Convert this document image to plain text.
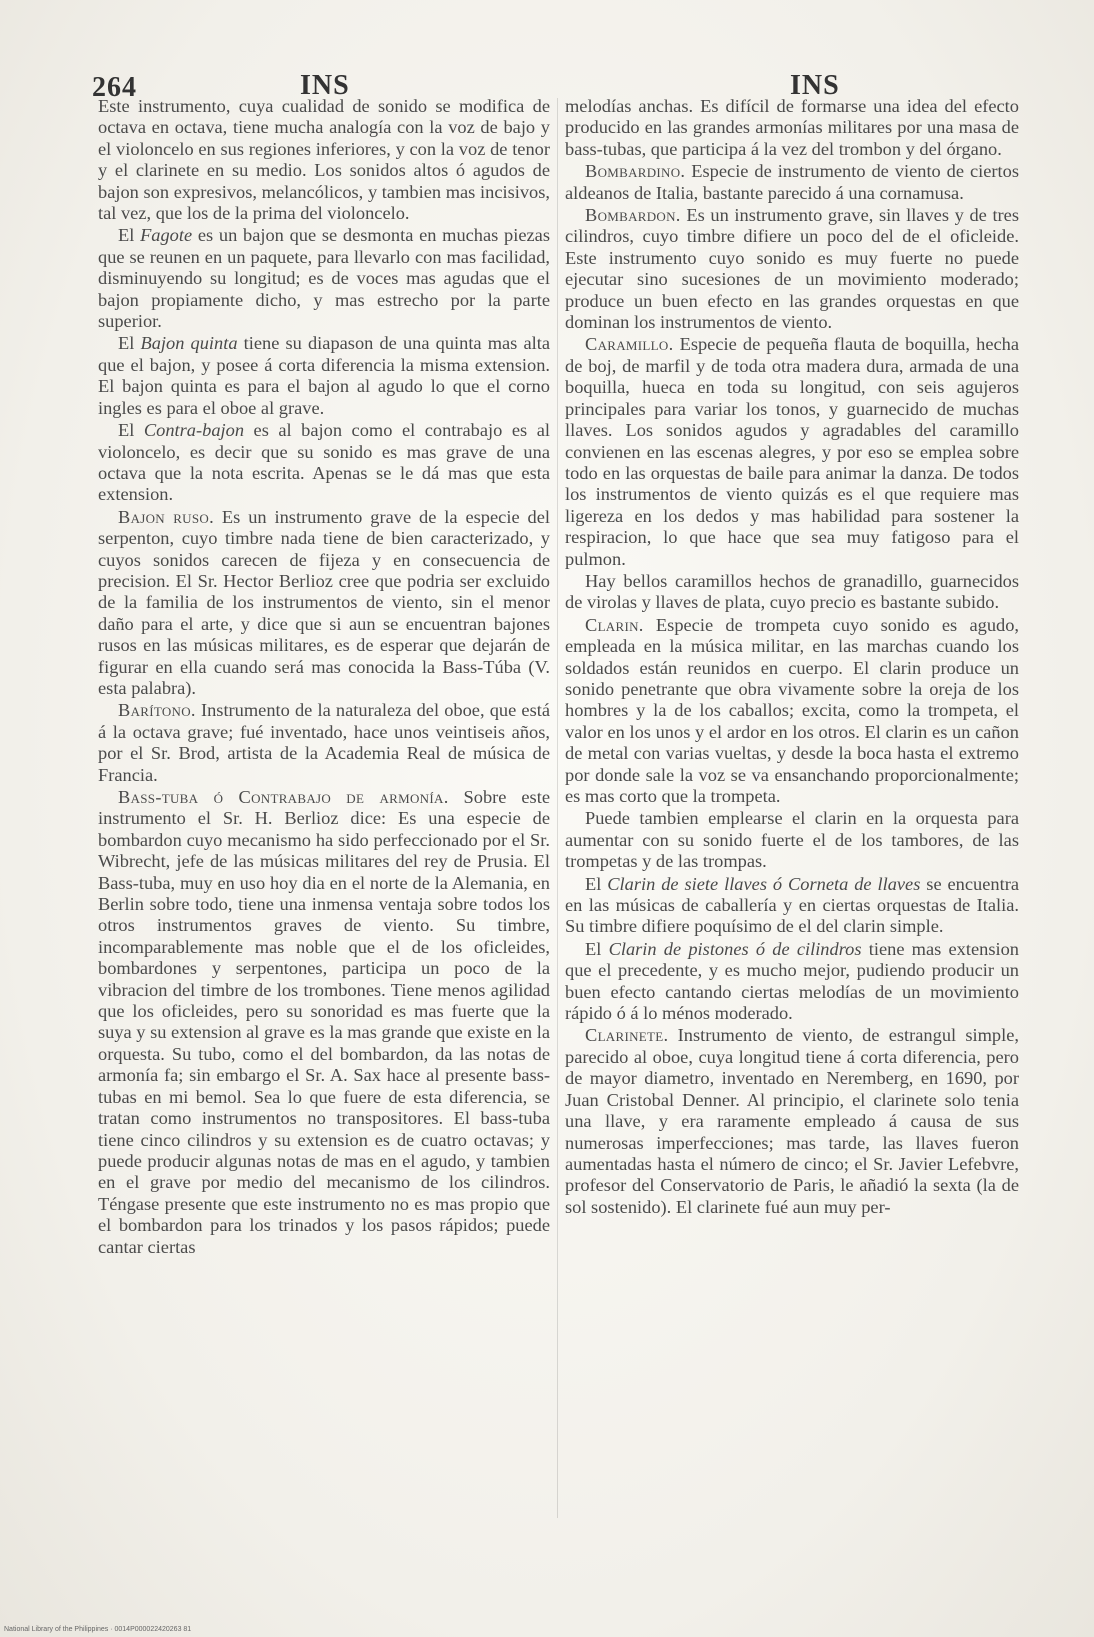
264	INS	INS

Este instrumento, cuya cualidad de sonido se modifica de octava en octava, tiene mucha analogía con la voz de bajo y el violoncelo en sus regiones inferiores, y con la voz de tenor y el clarinete en su medio. Los sonidos altos ó agudos de bajon son expresivos, melancólicos, y tambien mas incisivos, tal vez, que los de la prima del violoncelo.

El Fagote es un bajon que se desmonta en muchas piezas que se reunen en un paquete, para llevarlo con mas facilidad, disminuyendo su longitud; es de voces mas agudas que el bajon propiamente dicho, y mas estrecho por la parte superior.

El Bajon quinta tiene su diapason de una quinta mas alta que el bajon, y posee á corta diferencia la misma extension. El bajon quinta es para el bajon al agudo lo que el corno ingles es para el oboe al grave.

El Contra-bajon es al bajon como el contrabajo es al violoncelo, es decir que su sonido es mas grave de una octava que la nota escrita. Apenas se le dá mas que esta extension.

Bajon ruso. Es un instrumento grave de la especie del serpenton, cuyo timbre nada tiene de bien caracterizado, y cuyos sonidos carecen de fijeza y en consecuencia de precision. El Sr. Hector Berlioz cree que podria ser excluido de la familia de los instrumentos de viento, sin el menor daño para el arte, y dice que si aun se encuentran bajones rusos en las músicas militares, es de esperar que dejarán de figurar en ella cuando será mas conocida la Bass-Túba (V. esta palabra).

Barítono. Instrumento de la naturaleza del oboe, que está á la octava grave; fué inventado, hace unos veintiseis años, por el Sr. Brod, artista de la Academia Real de música de Francia.

Bass-tuba ó Contrabajo de armonía. Sobre este instrumento el Sr. H. Berlioz dice: Es una especie de bombardon cuyo mecanismo ha sido perfeccionado por el Sr. Wibrecht, jefe de las músicas militares del rey de Prusia. El Bass-tuba, muy en uso hoy dia en el norte de la Alemania, en Berlin sobre todo, tiene una inmensa ventaja sobre todos los otros instrumentos graves de viento. Su timbre, incomparablemente mas noble que el de los oficleides, bombardones y serpentones, participa un poco de la vibracion del timbre de los trombones. Tiene menos agilidad que los oficleides, pero su sonoridad es mas fuerte que la suya y su extension al grave es la mas grande que existe en la orquesta. Su tubo, como el del bombardon, da las notas de armonía fa; sin embargo el Sr. A. Sax hace al presente bass-tubas en mi bemol. Sea lo que fuere de esta diferencia, se tratan como instrumentos no transpositores. El bass-tuba tiene cinco cilindros y su extension es de cuatro octavas; y puede producir algunas notas de mas en el agudo, y tambien en el grave por medio del mecanismo de los cilindros. Téngase presente que este instrumento no es mas propio que el bombardon para los trinados y los pasos rápidos; puede cantar ciertas

melodías anchas. Es difícil de formarse una idea del efecto producido en las grandes armonías militares por una masa de bass-tubas, que participa á la vez del trombon y del órgano.

Bombardino. Especie de instrumento de viento de ciertos aldeanos de Italia, bastante parecido á una cornamusa.

Bombardon. Es un instrumento grave, sin llaves y de tres cilindros, cuyo timbre difiere un poco del de el oficleide. Este instrumento cuyo sonido es muy fuerte no puede ejecutar sino sucesiones de un movimiento moderado; produce un buen efecto en las grandes orquestas en que dominan los instrumentos de viento.

Caramillo. Especie de pequeña flauta de boquilla, hecha de boj, de marfil y de toda otra madera dura, armada de una boquilla, hueca en toda su longitud, con seis agujeros principales para variar los tonos, y guarnecido de muchas llaves. Los sonidos agudos y agradables del caramillo convienen en las escenas alegres, y por eso se emplea sobre todo en las orquestas de baile para animar la danza. De todos los instrumentos de viento quizás es el que requiere mas ligereza en los dedos y mas habilidad para sostener la respiracion, lo que hace que sea muy fatigoso para el pulmon.

Hay bellos caramillos hechos de granadillo, guarnecidos de virolas y llaves de plata, cuyo precio es bastante subido.

Clarin. Especie de trompeta cuyo sonido es agudo, empleada en la música militar, en las marchas cuando los soldados están reunidos en cuerpo. El clarin produce un sonido penetrante que obra vivamente sobre la oreja de los hombres y la de los caballos; excita, como la trompeta, el valor en los unos y el ardor en los otros. El clarin es un cañon de metal con varias vueltas, y desde la boca hasta el extremo por donde sale la voz se va ensanchando proporcionalmente; es mas corto que la trompeta.

Puede tambien emplearse el clarin en la orquesta para aumentar con su sonido fuerte el de los tambores, de las trompetas y de las trompas.

El Clarin de siete llaves ó Corneta de llaves se encuentra en las músicas de caballería y en ciertas orquestas de Italia. Su timbre difiere poquísimo de el del clarin simple.

El Clarin de pistones ó de cilindros tiene mas extension que el precedente, y es mucho mejor, pudiendo producir un buen efecto cantando ciertas melodías de un movimiento rápido ó á lo ménos moderado.

Clarinete. Instrumento de viento, de estrangul simple, parecido al oboe, cuya longitud tiene á corta diferencia, pero de mayor diametro, inventado en Neremberg, en 1690, por Juan Cristobal Denner. Al principio, el clarinete solo tenia una llave, y era raramente empleado á causa de sus numerosas imperfecciones; mas tarde, las llaves fueron aumentadas hasta el número de cinco; el Sr. Javier Lefebvre, profesor del Conservatorio de Paris, le añadió la sexta (la de sol sostenido). El clarinete fué aun muy per-

National Library of the Philippines · 0014P000022420263 81
